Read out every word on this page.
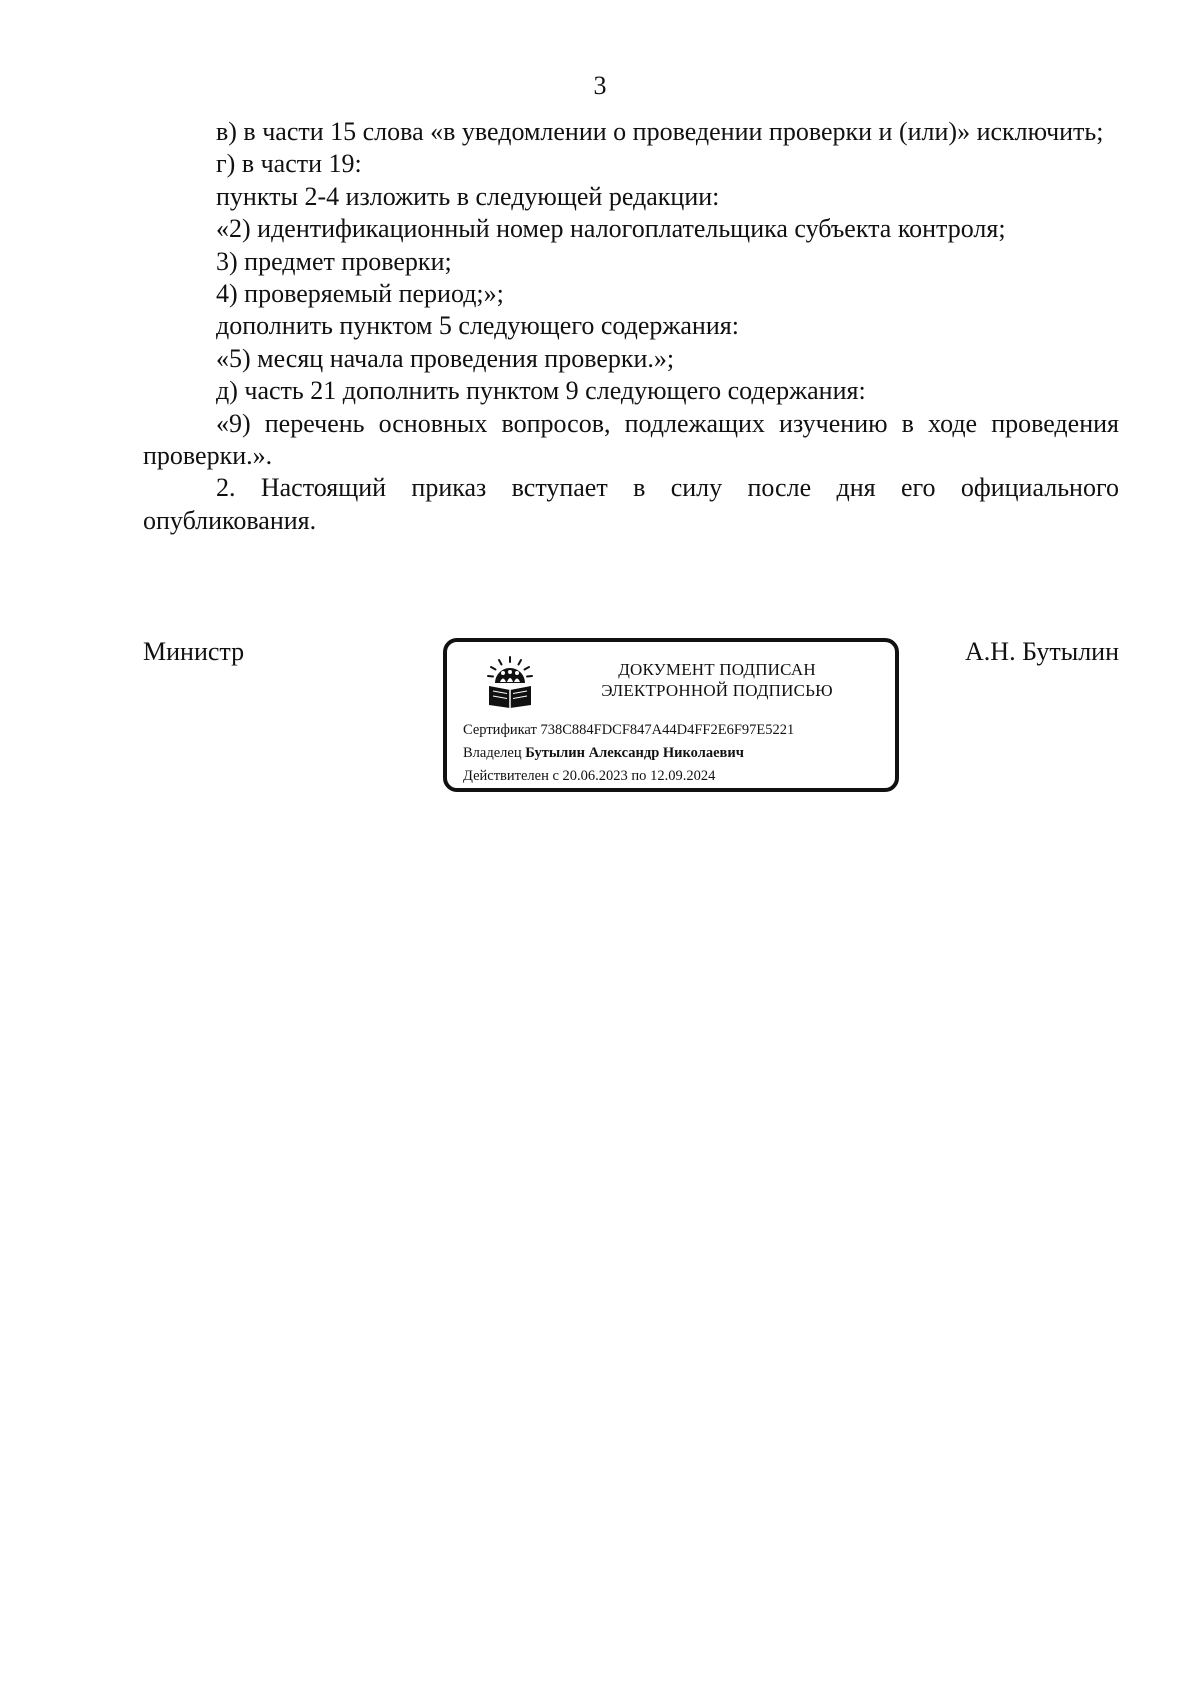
3

в) в части 15 слова «в уведомлении о проведении проверки и (или)» исключить;

г) в части 19:

пункты 2-4 изложить в следующей редакции:

«2) идентификационный номер налогоплательщика субъекта контроля;

3) предмет проверки;

4) проверяемый период;»;

дополнить пунктом 5 следующего содержания:

«5) месяц начала проведения проверки.»;

д) часть 21 дополнить пунктом 9 следующего содержания:

«9) перечень основных вопросов, подлежащих изучению в ходе проведения проверки.».

2. Настоящий приказ вступает в силу после дня его официального опубликования.

Министр	А.Н. Бутылин
ДОКУМЕНТ ПОДПИСАН
ЭЛЕКТРОННОЙ ПОДПИСЬЮ
Сертификат 738C884FDCF847A44D4FF2E6F97E5221
Владелец Бутылин Александр Николаевич
Действителен с 20.06.2023 по 12.09.2024
